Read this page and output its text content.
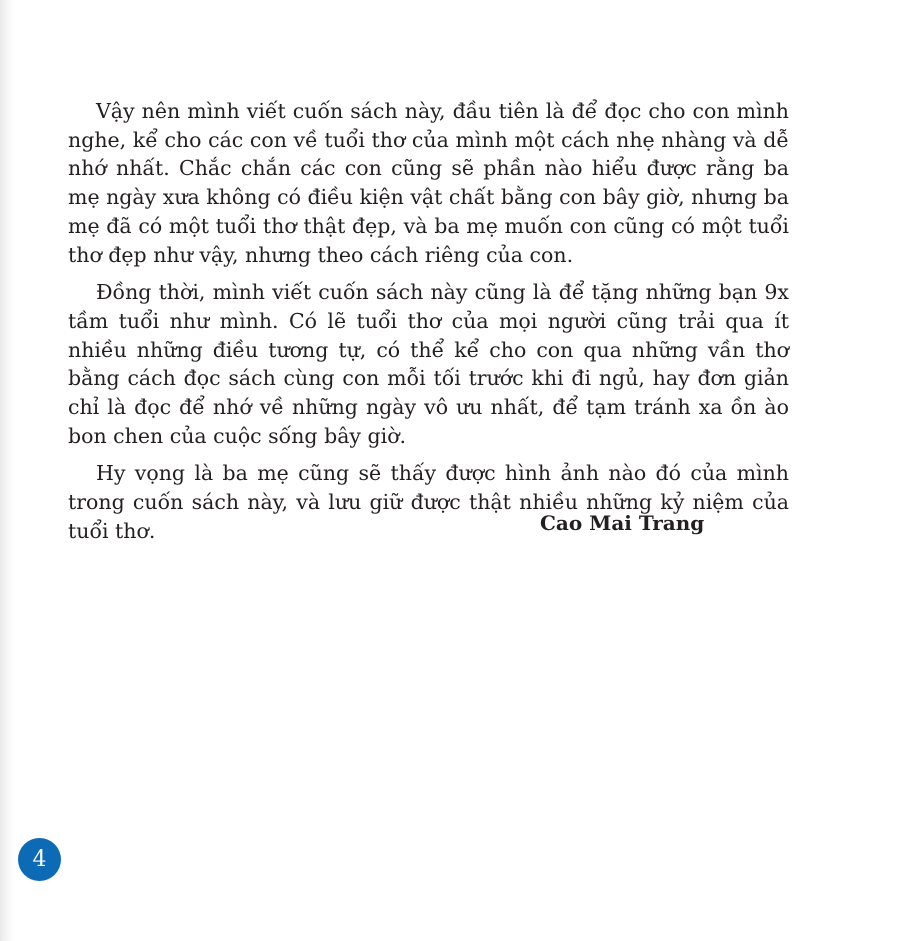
Vậy nên mình viết cuốn sách này, đầu tiên là để đọc cho con mình nghe, kể cho các con về tuổi thơ của mình một cách nhẹ nhàng và dễ nhớ nhất. Chắc chắn các con cũng sẽ phần nào hiểu được rằng ba mẹ ngày xưa không có điều kiện vật chất bằng con bây giờ, nhưng ba mẹ đã có một tuổi thơ thật đẹp, và ba mẹ muốn con cũng có một tuổi thơ đẹp như vậy, nhưng theo cách riêng của con.

Đồng thời, mình viết cuốn sách này cũng là để tặng những bạn 9x tầm tuổi như mình. Có lẽ tuổi thơ của mọi người cũng trải qua ít nhiều những điều tương tự, có thể kể cho con qua những vần thơ bằng cách đọc sách cùng con mỗi tối trước khi đi ngủ, hay đơn giản chỉ là đọc để nhớ về những ngày vô ưu nhất, để tạm tránh xa ồn ào bon chen của cuộc sống bây giờ.

Hy vọng là ba mẹ cũng sẽ thấy được hình ảnh nào đó của mình trong cuốn sách này, và lưu giữ được thật nhiều những kỷ niệm của tuổi thơ.	Cao Mai Trang
4
